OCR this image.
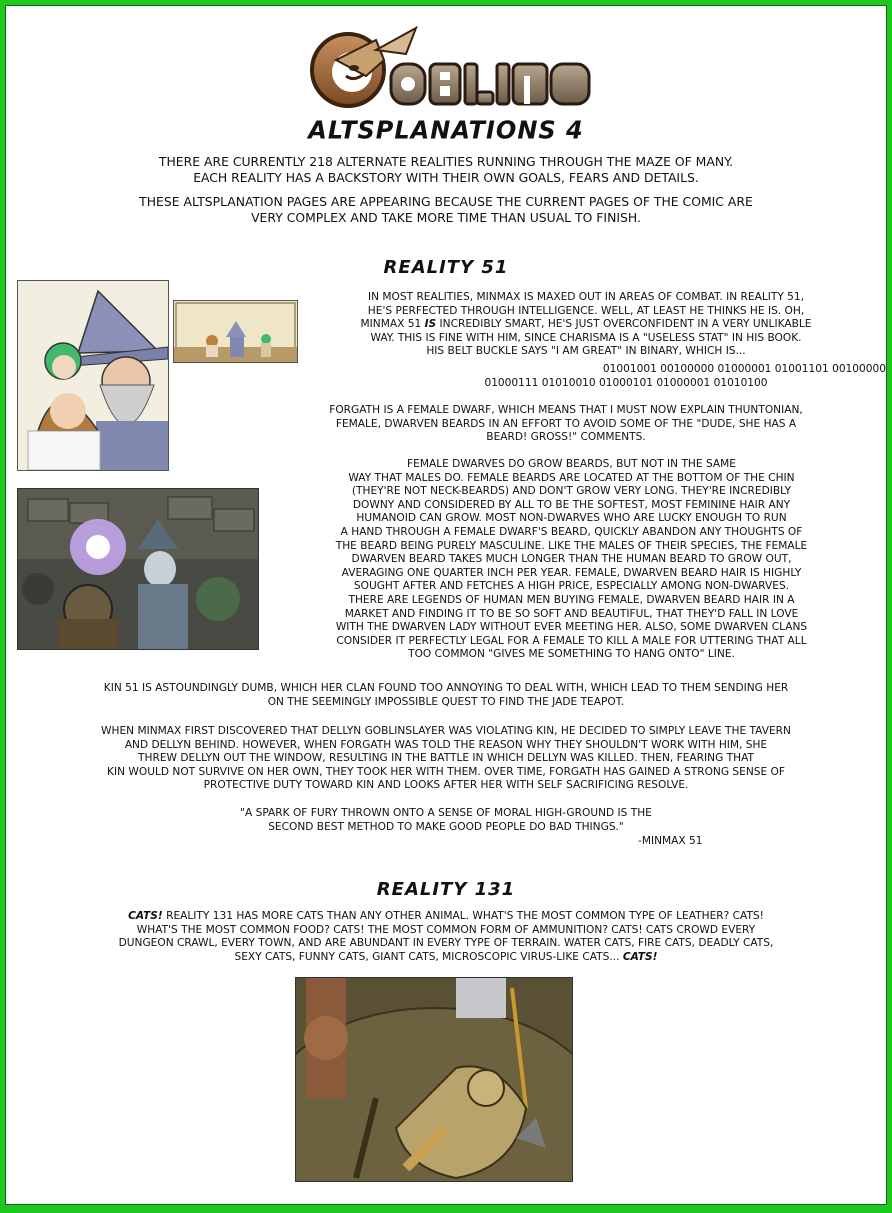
GOBLINS
ALTSPLANATIONS 4
THERE ARE CURRENTLY 218 ALTERNATE REALITIES RUNNING THROUGH THE MAZE OF MANY.
EACH REALITY HAS A BACKSTORY WITH THEIR OWN GOALS, FEARS AND DETAILS.
THESE ALTSPLANATION PAGES ARE APPEARING BECAUSE THE CURRENT PAGES OF THE COMIC ARE
VERY COMPLEX AND TAKE MORE TIME THAN USUAL TO FINISH.
REALITY 51
IN MOST REALITIES, MINMAX IS MAXED OUT IN AREAS OF COMBAT. IN REALITY 51,
HE'S PERFECTED THROUGH INTELLIGENCE. WELL, AT LEAST HE THINKS HE IS. OH,
MINMAX 51 IS INCREDIBLY SMART, HE'S JUST OVERCONFIDENT IN A VERY UNLIKABLE
WAY. THIS IS FINE WITH HIM, SINCE CHARISMA IS A "USELESS STAT" IN HIS BOOK.
HIS BELT BUCKLE SAYS "I AM GREAT" IN BINARY, WHICH IS...
01001001 00100000 01000001 01001101 00100000
01000111 01010010 01000101 01000001 01010100
FORGATH IS A FEMALE DWARF, WHICH MEANS THAT I MUST NOW EXPLAIN THUNTONIAN,
FEMALE, DWARVEN BEARDS IN AN EFFORT TO AVOID SOME OF THE "DUDE, SHE HAS A
BEARD! GROSS!" COMMENTS.
FEMALE DWARVES DO GROW BEARDS, BUT NOT IN THE SAME
WAY THAT MALES DO. FEMALE BEARDS ARE LOCATED AT THE BOTTOM OF THE CHIN
(THEY'RE NOT NECK-BEARDS) AND DON'T GROW VERY LONG. THEY'RE INCREDIBLY
DOWNY AND CONSIDERED BY ALL TO BE THE SOFTEST, MOST FEMININE HAIR ANY
HUMANOID CAN GROW. MOST NON-DWARVES WHO ARE LUCKY ENOUGH TO RUN
A HAND THROUGH A FEMALE DWARF'S BEARD, QUICKLY ABANDON ANY THOUGHTS OF
THE BEARD BEING PURELY MASCULINE. LIKE THE MALES OF THEIR SPECIES, THE FEMALE
DWARVEN BEARD TAKES MUCH LONGER THAN THE HUMAN BEARD TO GROW OUT,
AVERAGING ONE QUARTER INCH PER YEAR. FEMALE, DWARVEN BEARD HAIR IS HIGHLY
SOUGHT AFTER AND FETCHES A HIGH PRICE, ESPECIALLY AMONG NON-DWARVES.
THERE ARE LEGENDS OF HUMAN MEN BUYING FEMALE, DWARVEN BEARD HAIR IN A
MARKET AND FINDING IT TO BE SO SOFT AND BEAUTIFUL, THAT THEY'D FALL IN LOVE
WITH THE DWARVEN LADY WITHOUT EVER MEETING HER. ALSO, SOME DWARVEN CLANS
CONSIDER IT PERFECTLY LEGAL FOR A FEMALE TO KILL A MALE FOR UTTERING THAT ALL
TOO COMMON "GIVES ME SOMETHING TO HANG ONTO" LINE.
KIN 51 IS ASTOUNDINGLY DUMB, WHICH HER CLAN FOUND TOO ANNOYING TO DEAL WITH, WHICH LEAD TO THEM SENDING HER
ON THE SEEMINGLY IMPOSSIBLE QUEST TO FIND THE JADE TEAPOT.
WHEN MINMAX FIRST DISCOVERED THAT DELLYN GOBLINSLAYER WAS VIOLATING KIN, HE DECIDED TO SIMPLY LEAVE THE TAVERN
AND DELLYN BEHIND. HOWEVER, WHEN FORGATH WAS TOLD THE REASON WHY THEY SHOULDN'T WORK WITH HIM, SHE
THREW DELLYN OUT THE WINDOW, RESULTING IN THE BATTLE IN WHICH DELLYN WAS KILLED. THEN, FEARING THAT
KIN WOULD NOT SURVIVE ON HER OWN, THEY TOOK HER WITH THEM. OVER TIME, FORGATH HAS GAINED A STRONG SENSE OF
PROTECTIVE DUTY TOWARD KIN AND LOOKS AFTER HER WITH SELF SACRIFICING RESOLVE.
"A SPARK OF FURY THROWN ONTO A SENSE OF MORAL HIGH-GROUND IS THE
SECOND BEST METHOD TO MAKE GOOD PEOPLE DO BAD THINGS."
-MINMAX 51
REALITY 131
CATS! REALITY 131 HAS MORE CATS THAN ANY OTHER ANIMAL. WHAT'S THE MOST COMMON TYPE OF LEATHER? CATS!
WHAT'S THE MOST COMMON FOOD? CATS! THE MOST COMMON FORM OF AMMUNITION? CATS! CATS CROWD EVERY
DUNGEON CRAWL, EVERY TOWN, AND ARE ABUNDANT IN EVERY TYPE OF TERRAIN. WATER CATS, FIRE CATS, DEADLY CATS,
SEXY CATS, FUNNY CATS, GIANT CATS, MICROSCOPIC VIRUS-LIKE CATS... CATS!
